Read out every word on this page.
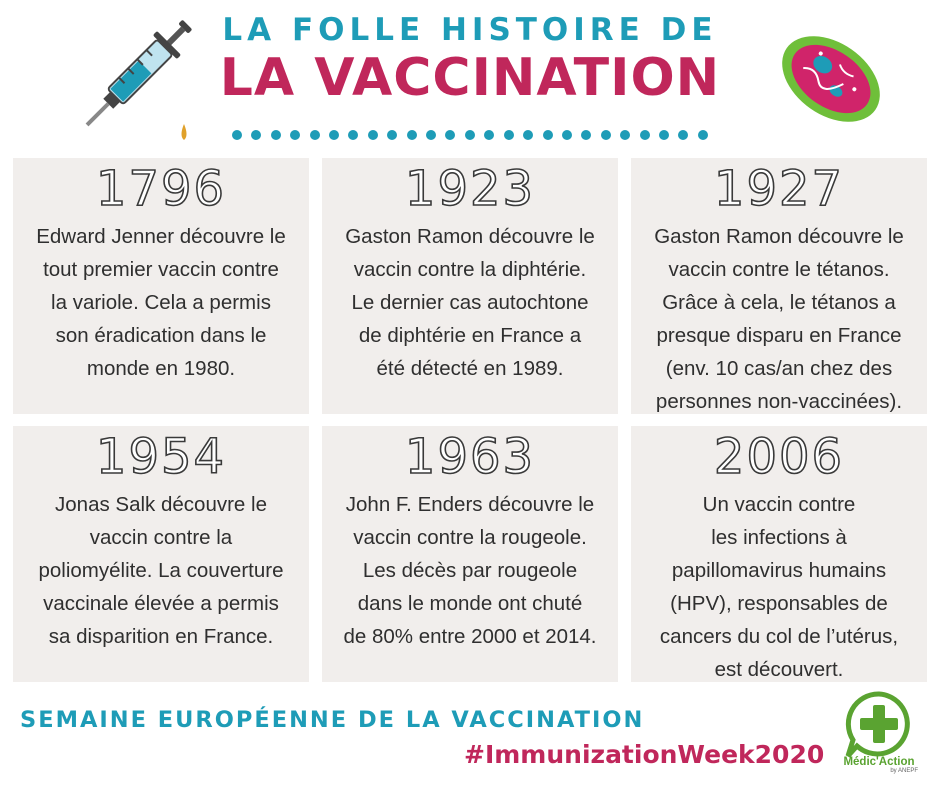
LA FOLLE HISTOIRE DE
LA VACCINATION
1796
Edward Jenner découvre le
tout premier vaccin contre
la variole. Cela a permis
son éradication dans le
monde en 1980.
1923
Gaston Ramon découvre le
vaccin contre la diphtérie.
Le dernier cas autochtone
de diphtérie en France a
été détecté en 1989.
1927
Gaston Ramon découvre le
vaccin contre le tétanos.
Grâce à cela, le tétanos a
presque disparu en France
(env. 10 cas/an chez des
personnes non-vaccinées).
1954
Jonas Salk découvre le
vaccin contre la
poliomyélite. La couverture
vaccinale élevée a permis
sa disparition en France.
1963
John F. Enders découvre le
vaccin contre la rougeole.
Les décès par rougeole
dans le monde ont chuté
de 80% entre 2000 et 2014.
2006
Un vaccin contre
les infections à
papillomavirus humains
(HPV), responsables de
cancers du col de l’utérus,
est découvert.
SEMAINE EUROPÉENNE DE LA VACCINATION
#ImmunizationWeek2020	Médic'Action
by ANEPF
